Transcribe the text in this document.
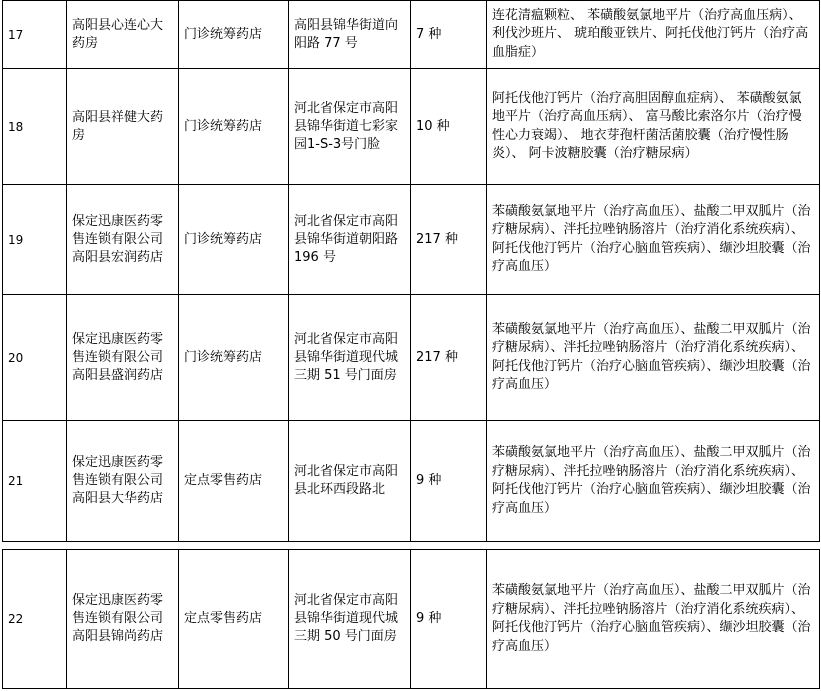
17	高阳县心连心大药房	门诊统筹药店	高阳县锦华街道向阳路 77 号	7 种	连花清瘟颗粒、 苯磺酸氨氯地平片（治疗高血压病）、利伐沙班片、 琥珀酸亚铁片、阿托伐他汀钙片（治疗高血脂症）
18	高阳县祥健大药房	门诊统筹药店	河北省保定市高阳县锦华街道七彩家园1-S-3号门脸	10 种	阿托伐他汀钙片（治疗高胆固醇血症病）、 苯磺酸氨氯地平片（治疗高血压病）、 富马酸比索洛尔片（治疗慢性心力衰竭）、 地衣芽孢杆菌活菌胶囊（治疗慢性肠炎）、 阿卡波糖胶囊（治疗糖尿病）
19	保定迅康医药零售连锁有限公司高阳县宏润药店	门诊统筹药店	河北省保定市高阳县锦华街道朝阳路 196 号	217 种	苯磺酸氨氯地平片（治疗高血压）、盐酸二甲双胍片（治疗糖尿病）、泮托拉唑钠肠溶片（治疗消化系统疾病）、阿托伐他汀钙片（治疗心脑血管疾病）、缬沙坦胶囊（治疗高血压）
20	保定迅康医药零售连锁有限公司高阳县盛润药店	门诊统筹药店	河北省保定市高阳县锦华街道现代城三期 51 号门面房	217 种	苯磺酸氨氯地平片（治疗高血压）、盐酸二甲双胍片（治疗糖尿病）、泮托拉唑钠肠溶片（治疗消化系统疾病）、阿托伐他汀钙片（治疗心脑血管疾病）、缬沙坦胶囊（治疗高血压）
21	保定迅康医药零售连锁有限公司高阳县大华药店	定点零售药店	河北省保定市高阳县北环西段路北	9 种	苯磺酸氨氯地平片（治疗高血压）、盐酸二甲双胍片（治疗糖尿病）、泮托拉唑钠肠溶片（治疗消化系统疾病）、阿托伐他汀钙片（治疗心脑血管疾病）、缬沙坦胶囊（治疗高血压）
22	保定迅康医药零售连锁有限公司高阳县锦尚药店	定点零售药店	河北省保定市高阳县锦华街道现代城三期 50 号门面房	9 种	苯磺酸氨氯地平片（治疗高血压）、盐酸二甲双胍片（治疗糖尿病）、泮托拉唑钠肠溶片（治疗消化系统疾病）、阿托伐他汀钙片（治疗心脑血管疾病）、缬沙坦胶囊（治疗高血压）
